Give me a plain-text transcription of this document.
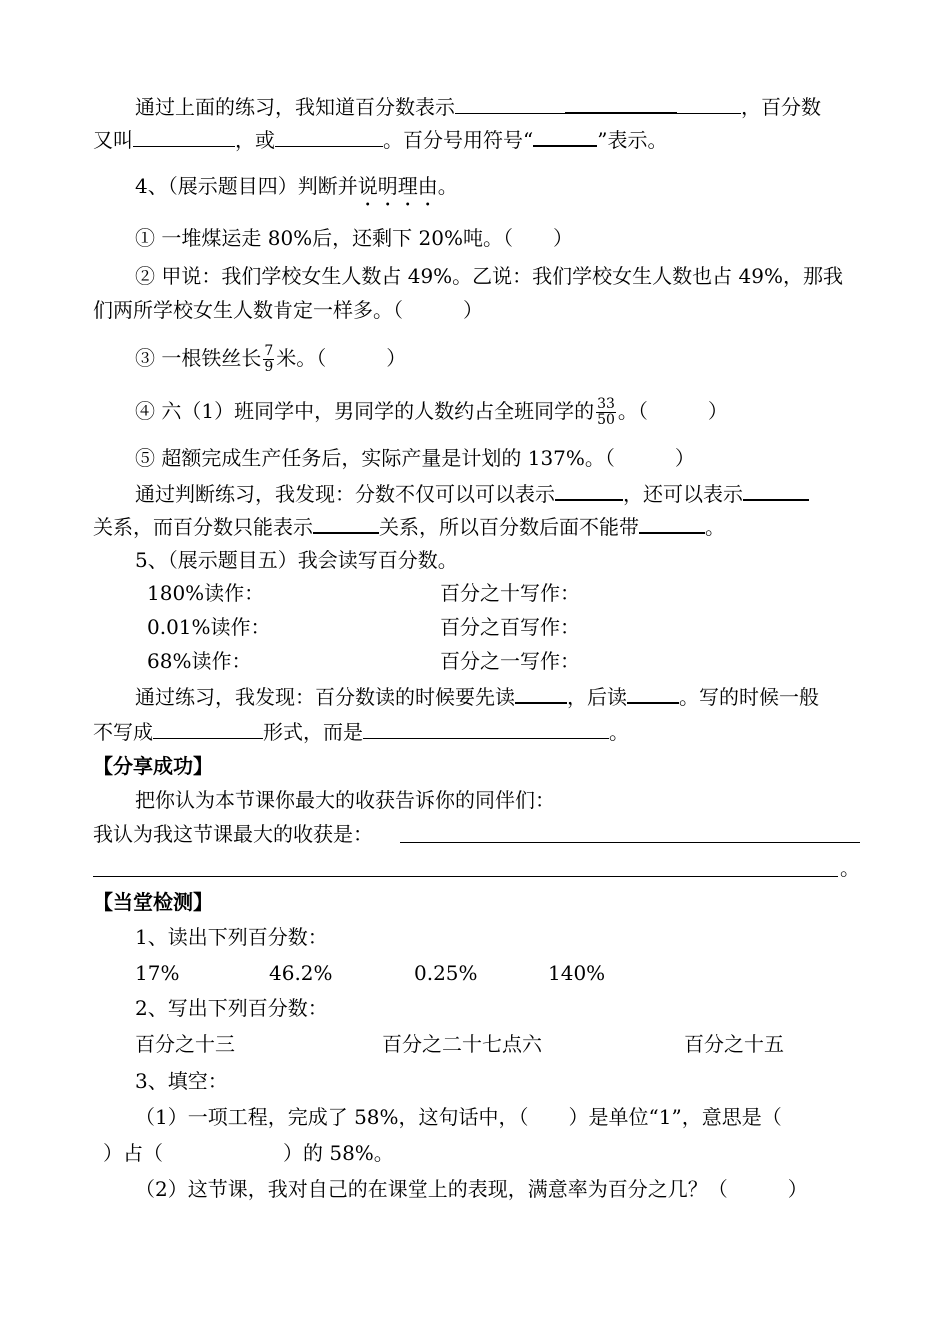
通过上面的练习，我知道百分数表示	，百分数
又叫	，或	。百分号用符号“	”表示。
4、（展示题目四）判断并说明理由。
① 一堆煤运走 80%后，还剩下 20%吨。（　　）
② 甲说：我们学校女生人数占 49%。乙说：我们学校女生人数也占 49%，那我
们两所学校女生人数肯定一样多。（　　　）
③ 一根铁丝长 $\frac{7}{9}$ 米。（　　　）
④ 六（1）班同学中，男同学的人数约占全班同学的 $\frac{33}{50}$ 。（　　　）
⑤ 超额完成生产任务后，实际产量是计划的 137%。（　　　）
通过判断练习，我发现：分数不仅可以可以表示	，还可以表示
关系，而百分数只能表示	关系，所以百分数后面不能带	。
5、（展示题目五）我会读写百分数。
180%读作：	百分之十写作：
0.01%读作：	百分之百写作：
68%读作：	百分之一写作：
通过练习，我发现：百分数读的时候要先读	，后读	。写的时候一般
不写成	形式，而是	。
【分享成功】
把你认为本节课你最大的收获告诉你的同伴们：
我认为我这节课最大的收获是：
。
【当堂检测】
1、读出下列百分数：
17%	46.2%	0.25%	140%
2、写出下列百分数：
百分之十三	百分之二十七点六	百分之十五
3、填空：
（1）一项工程，完成了 58%，这句话中，（　　）是单位“1”，意思是（
）占（　　　　　　）的 58%。
（2）这节课，我对自己的在课堂上的表现，满意率为百分之几？（　　　）
